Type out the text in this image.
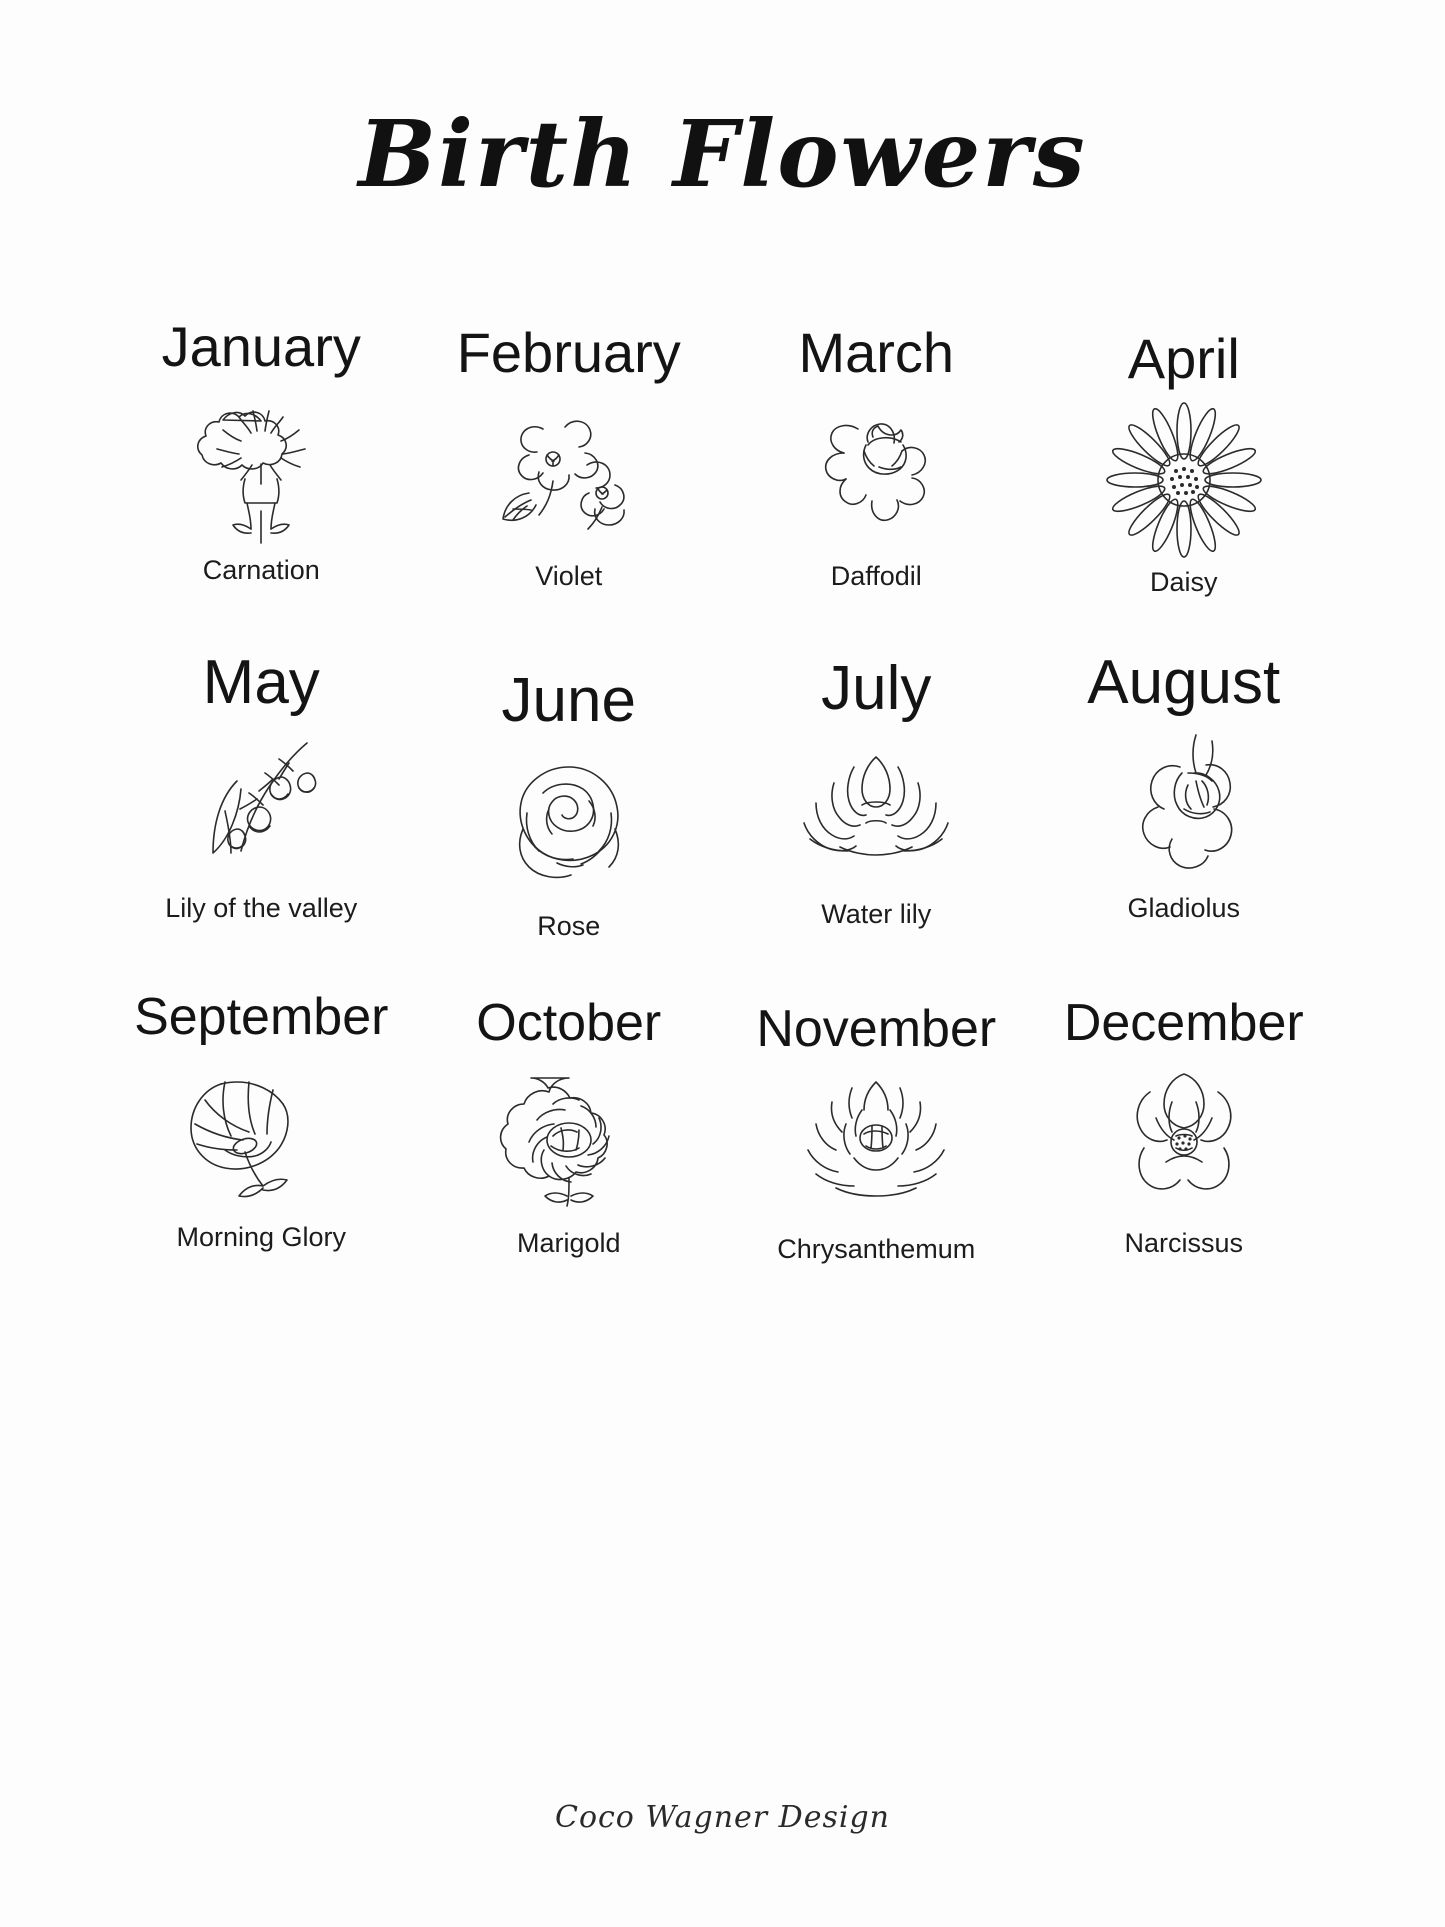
Birth Flowers
January
Carnation
February
Violet
March
Daffodil
April
Daisy
May
Lily of the valley
June
Rose
July
Water lily
August
Gladiolus
September
Morning Glory
October
Marigold
November
Chrysanthemum
December
Narcissus
Coco Wagner Design
